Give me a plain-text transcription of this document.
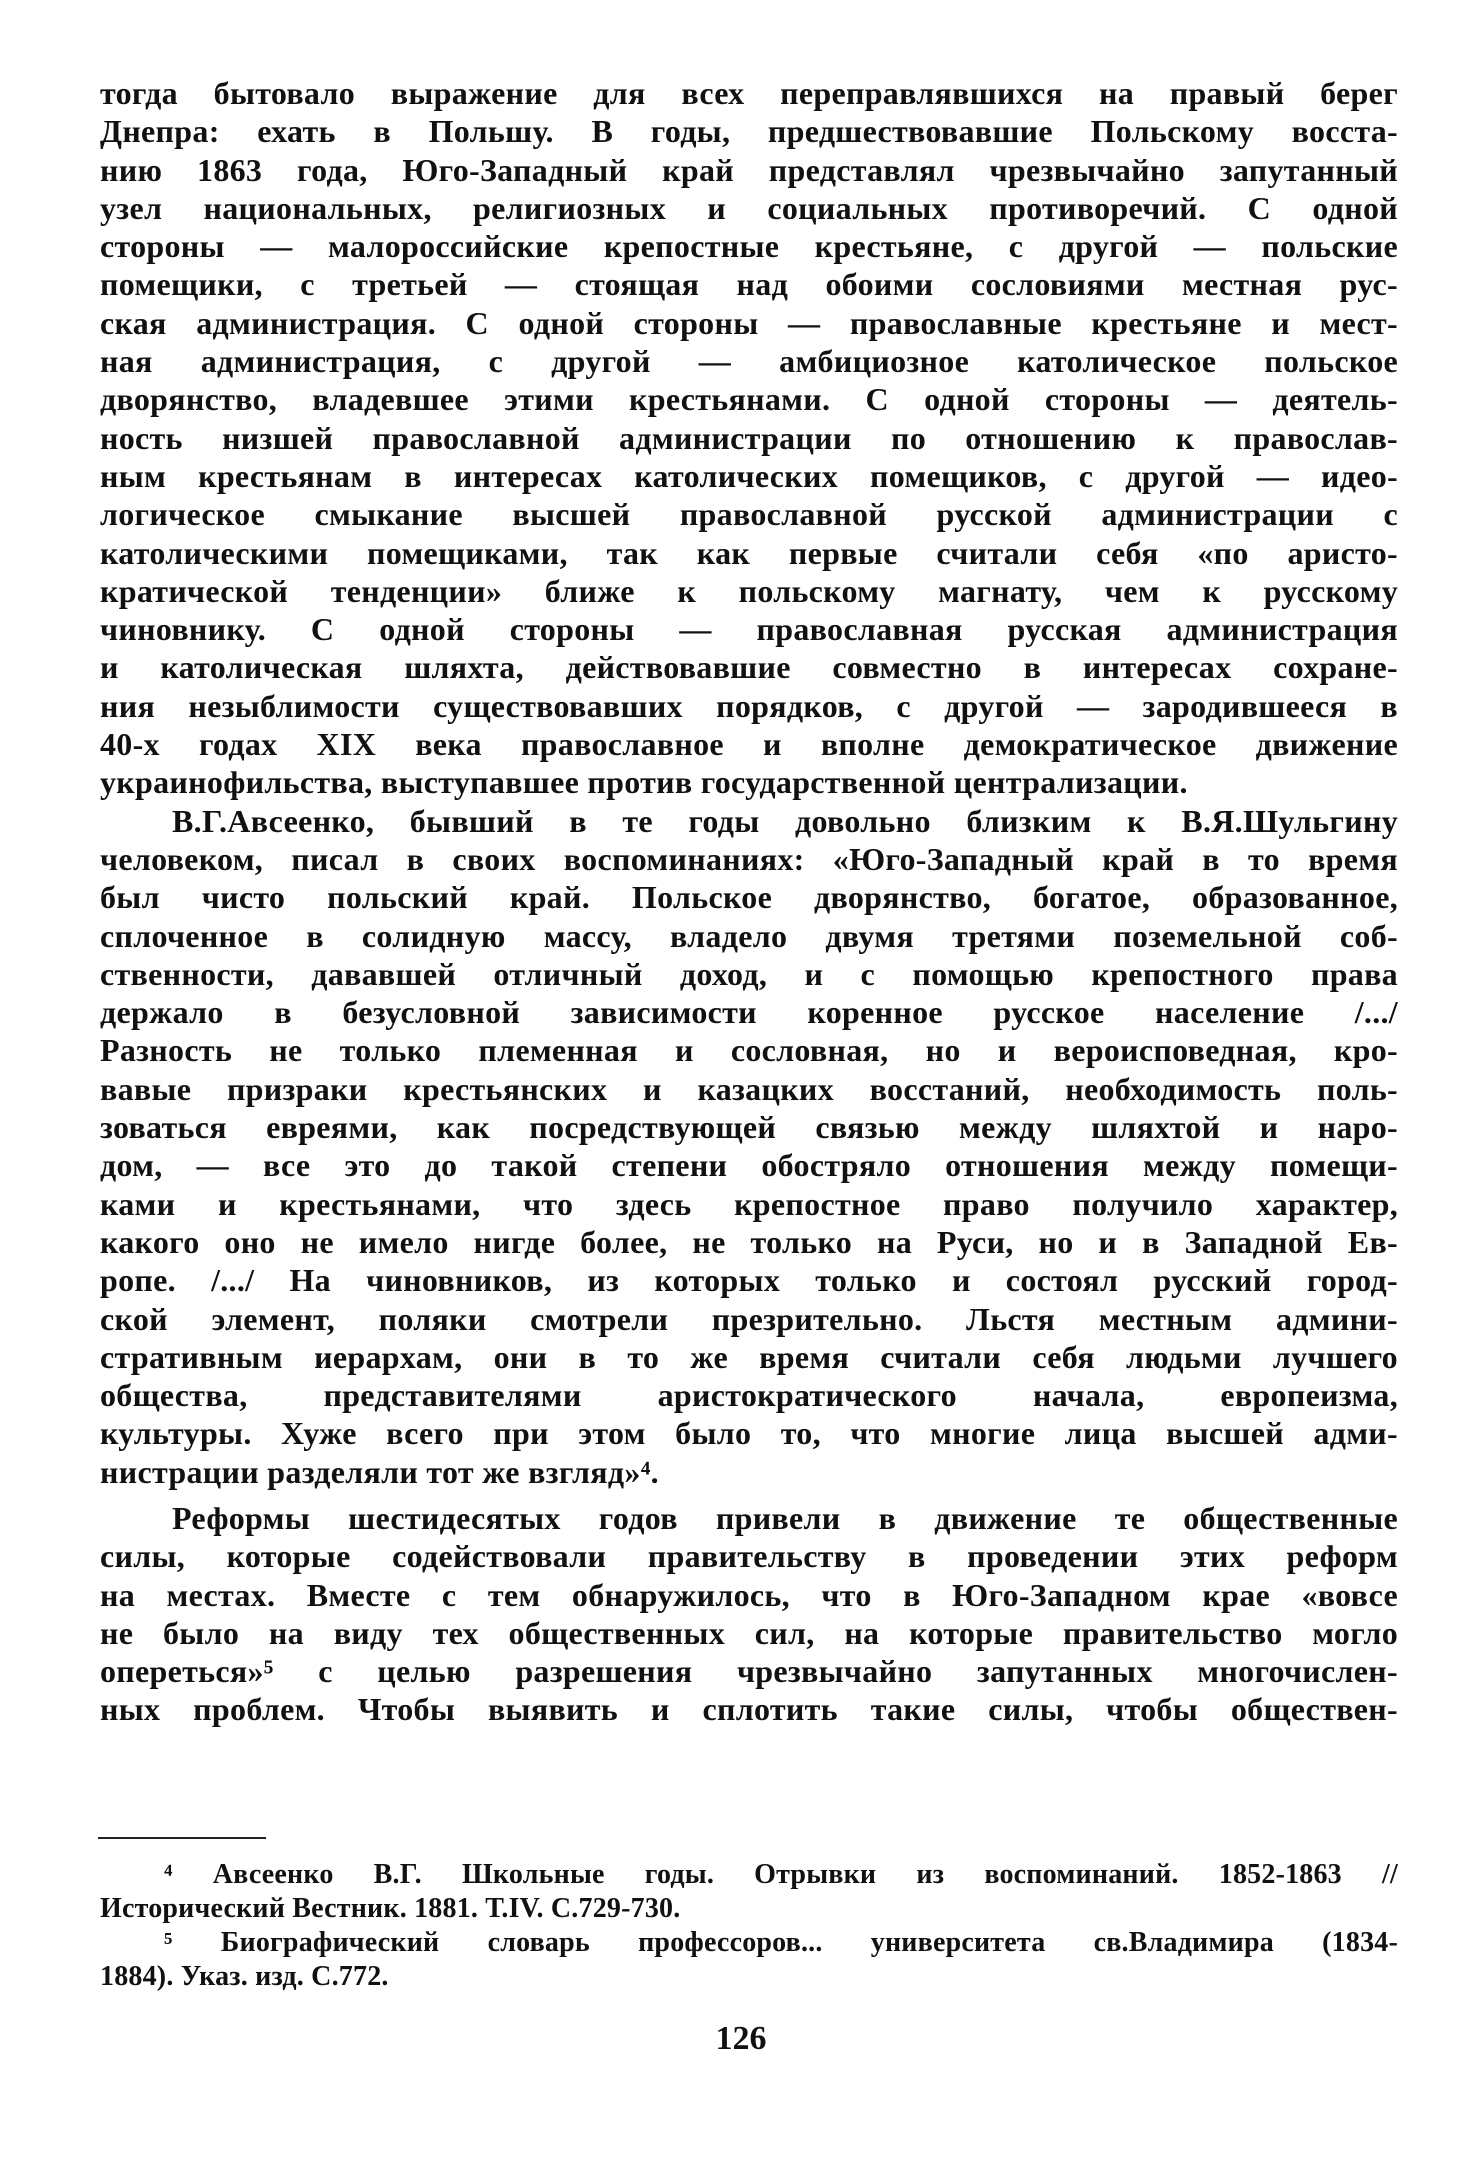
тогда бытовало выражение для всех переправлявшихся на правый берег
Днепра: ехать в Польшу. В годы, предшествовавшие Польскому восста-
нию 1863 года, Юго-Западный край представлял чрезвычайно запутанный
узел национальных, религиозных и социальных противоречий. С одной
стороны — малороссийские крепостные крестьяне, с другой — польские
помещики, с третьей — стоящая над обоими сословиями местная рус-
ская администрация. С одной стороны — православные крестьяне и мест-
ная администрация, с другой — амбициозное католическое польское
дворянство, владевшее этими крестьянами. С одной стороны — деятель-
ность низшей православной администрации по отношению к православ-
ным крестьянам в интересах католических помещиков, с другой — идео-
логическое смыкание высшей православной русской администрации с
католическими помещиками, так как первые считали себя «по аристо-
кратической тенденции» ближе к польскому магнату, чем к русскому
чиновнику. С одной стороны — православная русская администрация
и католическая шляхта, действовавшие совместно в интересах сохране-
ния незыблимости существовавших порядков, с другой — зародившееся в
40-х годах XIX века православное и вполне демократическое движение
украинофильства, выступавшее против государственной централизации.
В.Г.Авсеенко, бывший в те годы довольно близким к В.Я.Шульгину
человеком, писал в своих воспоминаниях: «Юго-Западный край в то время
был чисто польский край. Польское дворянство, богатое, образованное,
сплоченное в солидную массу, владело двумя третями поземельной соб-
ственности, дававшей отличный доход, и с помощью крепостного права
держало в безусловной зависимости коренное русское население /.../
Разность не только племенная и сословная, но и вероисповедная, кро-
вавые призраки крестьянских и казацких восстаний, необходимость поль-
зоваться евреями, как посредствующей связью между шляхтой и наро-
дом, — все это до такой степени обостряло отношения между помещи-
ками и крестьянами, что здесь крепостное право получило характер,
какого оно не имело нигде более, не только на Руси, но и в Западной Ев-
ропе. /.../ На чиновников, из которых только и состоял русский город-
ской элемент, поляки смотрели презрительно. Льстя местным админи-
стративным иерархам, они в то же время считали себя людьми лучшего
общества, представителями аристократического начала, европеизма,
культуры. Хуже всего при этом было то, что многие лица высшей адми-
нистрации разделяли тот же взгляд»⁴.
Реформы шестидесятых годов привели в движение те общественные
силы, которые содействовали правительству в проведении этих реформ
на местах. Вместе с тем обнаружилось, что в Юго-Западном крае «вовсе
не было на виду тех общественных сил, на которые правительство могло
опереться»⁵ с целью разрешения чрезвычайно запутанных многочислен-
ных проблем. Чтобы выявить и сплотить такие силы, чтобы обществен-
⁴ Авсеенко В.Г. Школьные годы. Отрывки из воспоминаний. 1852-1863 //
Исторический Вестник. 1881. Т.IV. С.729-730.
⁵ Биографический словарь профессоров... университета св.Владимира (1834-
1884). Указ. изд. С.772.
126
